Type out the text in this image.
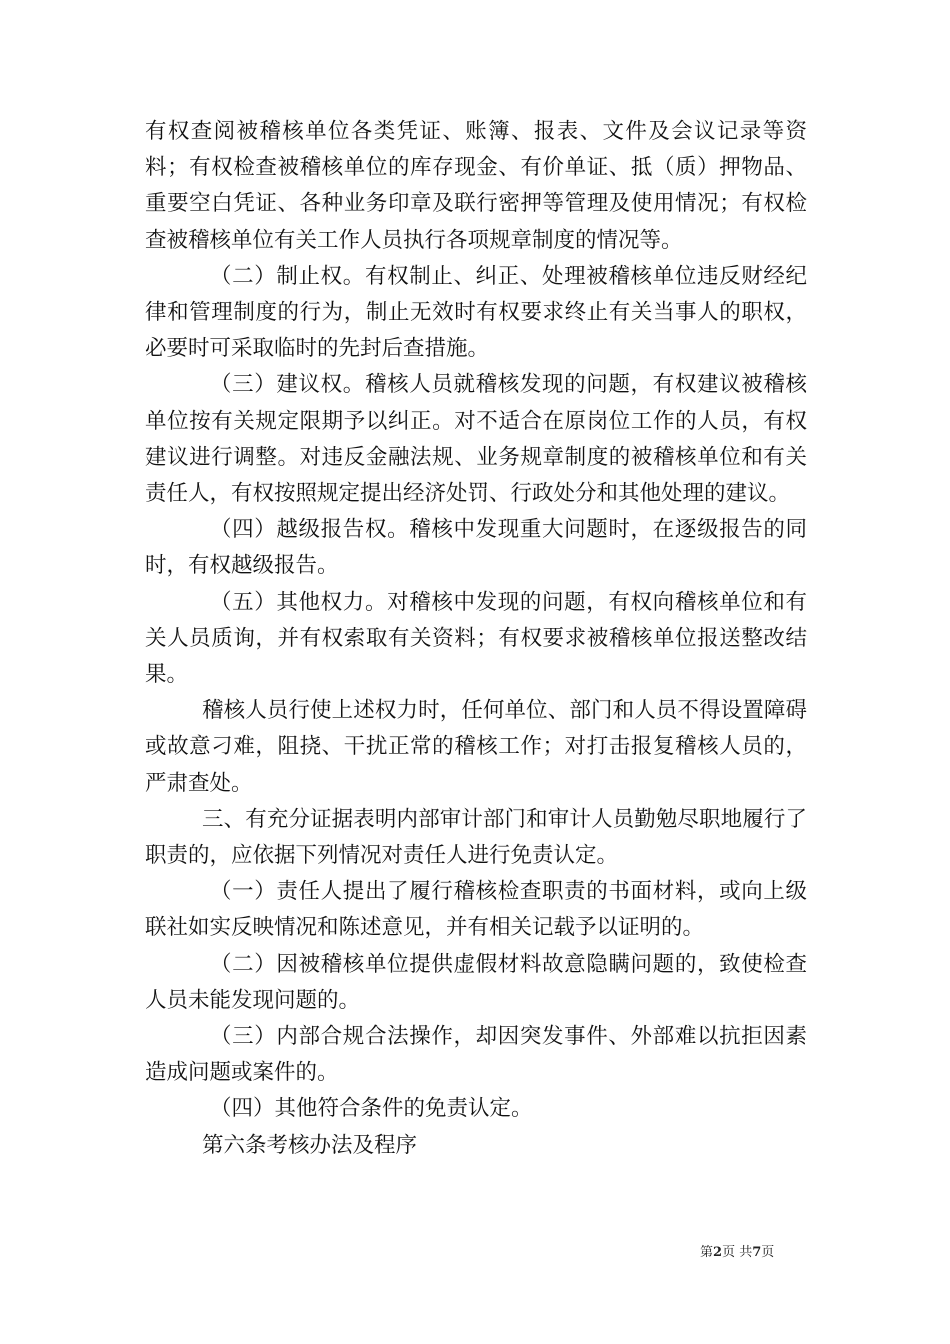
有权查阅被稽核单位各类凭证、账簿、报表、文件及会议记录等资料；有权检查被稽核单位的库存现金、有价单证、抵（质）押物品、重要空白凭证、各种业务印章及联行密押等管理及使用情况；有权检查被稽核单位有关工作人员执行各项规章制度的情况等。

（二）制止权。有权制止、纠正、处理被稽核单位违反财经纪律和管理制度的行为，制止无效时有权要求终止有关当事人的职权，必要时可采取临时的先封后查措施。

（三）建议权。稽核人员就稽核发现的问题，有权建议被稽核单位按有关规定限期予以纠正。对不适合在原岗位工作的人员，有权建议进行调整。对违反金融法规、业务规章制度的被稽核单位和有关责任人，有权按照规定提出经济处罚、行政处分和其他处理的建议。

（四）越级报告权。稽核中发现重大问题时，在逐级报告的同时，有权越级报告。

（五）其他权力。对稽核中发现的问题，有权向稽核单位和有关人员质询，并有权索取有关资料；有权要求被稽核单位报送整改结果。

稽核人员行使上述权力时，任何单位、部门和人员不得设置障碍或故意刁难，阻挠、干扰正常的稽核工作；对打击报复稽核人员的，严肃查处。

三、有充分证据表明内部审计部门和审计人员勤勉尽职地履行了职责的，应依据下列情况对责任人进行免责认定。

（一）责任人提出了履行稽核检查职责的书面材料，或向上级联社如实反映情况和陈述意见，并有相关记载予以证明的。

（二）因被稽核单位提供虚假材料故意隐瞒问题的，致使检查人员未能发现问题的。

（三）内部合规合法操作，却因突发事件、外部难以抗拒因素造成问题或案件的。

（四）其他符合条件的免责认定。

第六条考核办法及程序

第2页 共7页
